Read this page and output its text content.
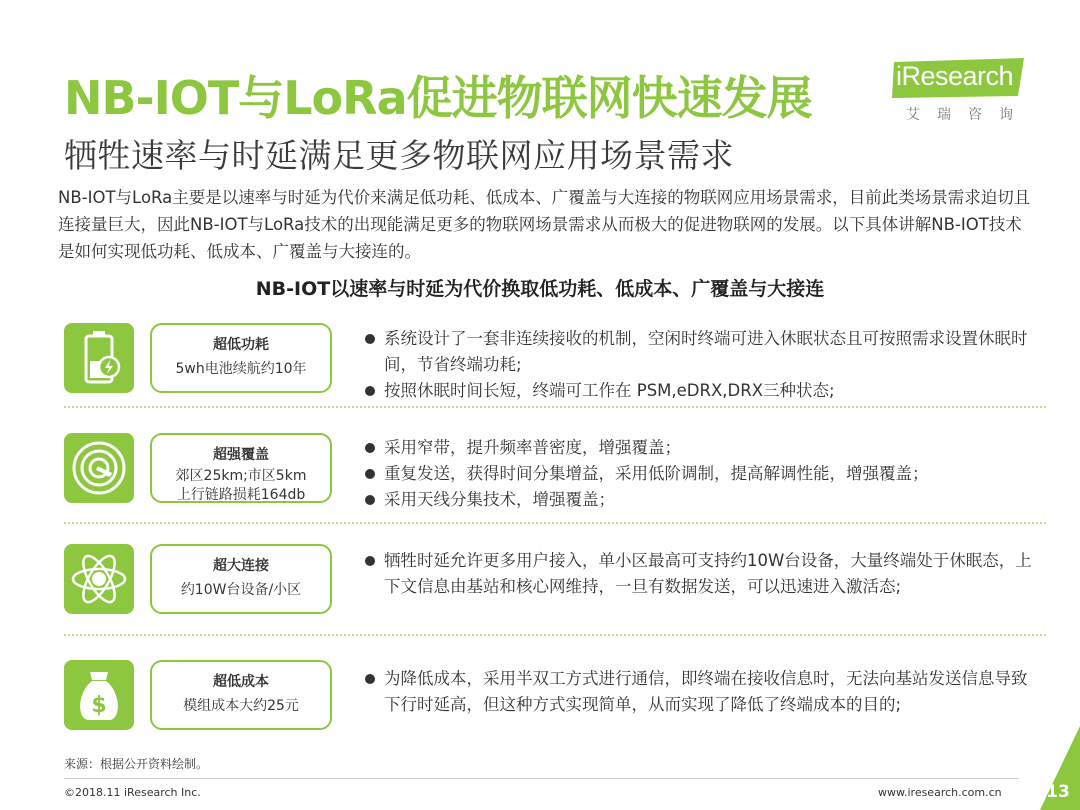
NB-IOT与LoRa促进物联网快速发展
牺牲速率与时延满足更多物联网应用场景需求
iResearch
艾瑞咨询

NB-IOT与LoRa主要是以速率与时延为代价来满足低功耗、低成本、广覆盖与大连接的物联网应用场景需求，目前此类场景需求迫切且连接量巨大，因此NB-IOT与LoRa技术的出现能满足更多的物联网场景需求从而极大的促进物联网的发展。以下具体讲解NB-IOT技术是如何实现低功耗、低成本、广覆盖与大接连的。

NB-IOT以速率与时延为代价换取低功耗、低成本、广覆盖与大接连
超低功耗
5wh电池续航约10年
系统设计了一套非连续接收的机制，空闲时终端可进入休眠状态且可按照需求设置休眠时间，节省终端功耗;
按照休眠时间长短，终端可工作在 PSM,eDRX,DRX三种状态;
超强覆盖
郊区25km;市区5km
上行链路损耗164db
采用窄带，提升频率普密度，增强覆盖；
重复发送，获得时间分集增益，采用低阶调制，提高解调性能，增强覆盖；
采用天线分集技术，增强覆盖；
超大连接
约10W台设备/小区
牺牲时延允许更多用户接入，单小区最高可支持约10W台设备，大量终端处于休眠态，上下文信息由基站和核心网维持，一旦有数据发送，可以迅速进入激活态;
$
超低成本
模组成本大约25元
为降低成本，采用半双工方式进行通信，即终端在接收信息时，无法向基站发送信息导致下行时延高，但这种方式实现简单，从而实现了降低了终端成本的目的;
来源：根据公开资料绘制。
©2018.11 iResearch Inc.	www.iresearch.com.cn	13
